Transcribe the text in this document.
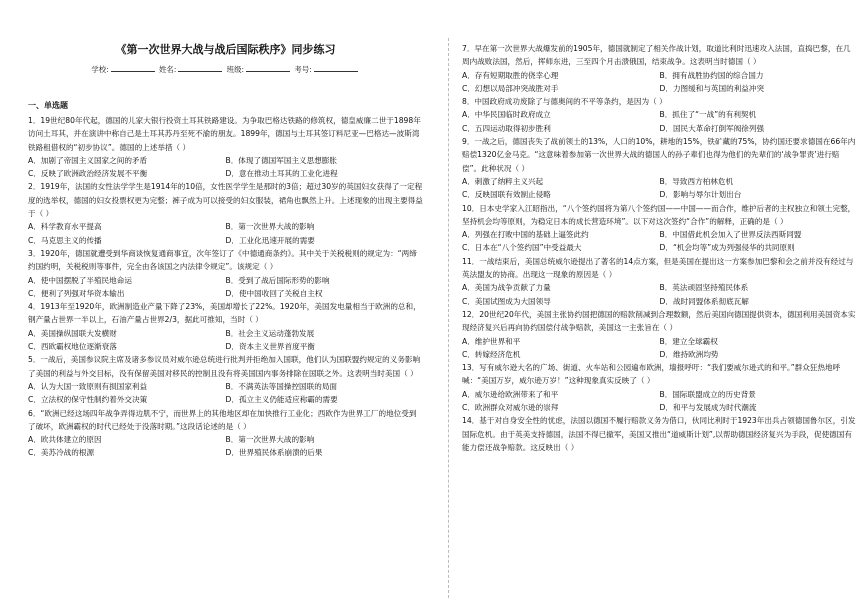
《第一次世界大战与战后国际秩序》同步练习
学校:	姓名:	班级:	考号:
一、单选题

1．19世纪80年代起，德国的儿家大银行投资土耳其铁路建设。为争取巴格达铁路的修筑权，德皇威廉二世于1898年访问土耳其，并在演讲中称自己是土耳其苏丹至死不渝的朋友。1899年，德国与土耳其签订料尼亚—巴格达—波斯湾铁路租借权的“初步协议”。德国的上述举措（ ）

A．加剧了帝国主义国家之间的矛盾	B．体现了德国军国主义思想膨胀
C．反映了欧洲政治经济发展不平衡	D．意在推动土耳其的工业化进程

2．1919年，法国的女性法学学生是1914年的10倍，女性医学学生是那时的3倍；超过30岁的英国妇女获得了一定程度的选举权，德国的妇女投票权更为完整；裤子成为可以接受的妇女服装，裙角也飘然上升。上述现象的出现主要得益于（ ）

A．科学教育水平提高	B．第一次世界大战的影响
C．马克思主义的传播	D．工业化迅速开展的需要

3．1920年，德国就遭受到华商谈恢复通商事宜，次年签订了《中德通商条约》。其中关于关税税则的规定为：“两缔约国约明，关税税则等事件，完全由各该国之内法律令规定”。该规定（ ）

A．使中国摆脱了半殖民地命运	B．受到了战后国际形势的影响
C．便利了列强对华资本输出	D．使中国收回了关税自主权

4．1913年至1920年，欧洲制造业产量下降了23%，美国却增长了22%。1920年，美国发电量相当于欧洲的总和，钢产量占世界一半以上，石油产量占世界2/3，据此可推知，当时（ ）

A．美国操纵国联大发横财	B．社会主义运动蓬勃发展
C．西欧霸权地位逐渐衰落	D．资本主义世界首度平衡

5．一战后，美国参议院主席及诸多参议员对威尔逊总统进行批判并拒绝加入国联，他们认为国联盟约规定的义务影响了美国的利益与外交目标，没有保留美国对移民的控制且没有将美国国内事务排除在国联之外。这表明当时美国（ ）

A．认为大国一致原则有损国家利益	B．不满英法等国操控国联的局面
C．立法权的保守性制约着外交决策	D．孤立主义仍能适应称霸的需要

6．“欧洲已经这场四年战争弄得边肌不宁，而世界上的其他地区却在加快推行工业化；西欧作为世界工厂的地位受到了破坏，欧洲霸权的时代已经处于没落时期。”这段话论述的是（ ）

A．欧共体建立的原因	B．第一次世界大战的影响
C．美苏冷战的根源	D．世界殖民体系崩溃的后果

7．早在第一次世界大战爆发前的1905年，德国就制定了相关作战计划，取道比利时迅速攻入法国，直捣巴黎，在几周内战败法国，然后，挥师东进，三至四个月击溃俄国，结束战争。这表明当时德国（ ）

A．存有短期取胜的侥幸心理	B．拥有战胜协约国的综合国力
C．幻想以局部冲突战胜对手	D．力图缓和与英国的利益冲突

8．中国政府成功废除了与德奥间的不平等条约，是因为（ ）

A．中华民国临时政府成立	B．抓住了“一战”的有利契机
C．五四运动取得初步胜利	D．国民大革命打倒军阀徐列强

9．一战之后，德国丧失了战前领土的13%，人口的10%，耕地的15%，铁矿藏的75%，协约国还要求德国在66年内赔偿1320亿金马克。“这意味着参加第一次世界大战的德国人的孙子辈们也得为他们的先辈们的‘战争罪责’进行赔偿”。此种状况（ ）

A．刺激了纳粹主义兴起	B．导致西方柏林危机
C．反映国联有效制止侵略	D．影响与辱尔计划出台

10．日本史学家入江昭指出，“八个签约国将为第八个签约国——中国——而合作，维护后者的主权独立和领土完整，坚持机会均等原则，为稳定日本的成长营造环境”。以下对这次签约“合作”的解释，正确的是（ ）

A．列强在打败中国的基础上逼签此约	B．中国借此机会加入了世界反法西斯同盟
C．日本在“八个签约国”中受益最大	D．“机会均等”成为列强侵华的共同原则

11．一战结束后，美国总统威尔逊提出了著名的14点方案，但是美国在提出这一方案参加巴黎和会之前并没有经过与英法盟友的协商。出现这一现象的原因是（ ）

A．美国为战争贡献了力量	B．英法顽固坚持殖民体系
C．美国试图成为大国领导	D．战时同盟体系彻底瓦解

12．20世纪20年代，美国主张协约国把德国的赔款削减到合理数额，然后美国向德国提供资本，德国利用美国资本实现经济复兴后再向协约国偿付战争赔款，美国这一主张旨在（ ）

A．维护世界和平	B．建立全球霸权
C．转嫁经济危机	D．维持欧洲均势

13．写有威尔逊大名的广场、街道、火车站和公园遍布欧洲，墙报呼吁：“我们要威尔逊式的和平。”群众狂热地呼喊：“美国万岁，威尔逊万岁！”这种现象真实反映了（ ）

A．威尔逊给欧洲带来了和平	B．国际联盟成立的历史背景
C．欧洲群众对威尔逊的崇拜	D．和平与发展成为时代潮流

14．基于对自身安全性的忧虑，法国以德国不履行赔款义务为借口，伙同比利时于1923年出兵占领德国鲁尔区，引发国际危机。由于英美支持德国，法国不得已撤军，美国又推出“道威斯计划”,以帮助德国经济复兴为手段，促使德国有能力偿还战争赔款。这反映出（ ）
